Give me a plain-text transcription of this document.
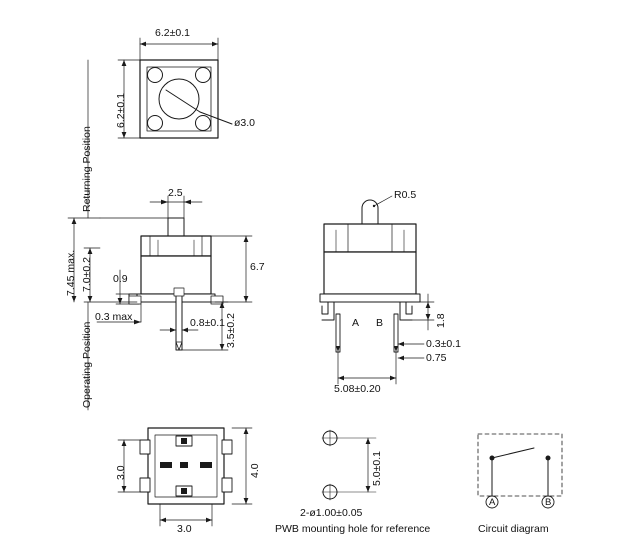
6.2±0.1
6.2±0.1	ø3.0
2.5
6.7
7.0±0.2
7.45 max.	0.9
0.3 max	0.8±0.1 3.5±0.2
Returning Position
Operating Position
R0.5
A B	1.8
0.3±0.1
0.75
5.08±0.20
3.0	4.0
3.0
5.0±0.1
2-ø1.00±0.05
PWB mounting hole for reference
A	B
Circuit diagram
